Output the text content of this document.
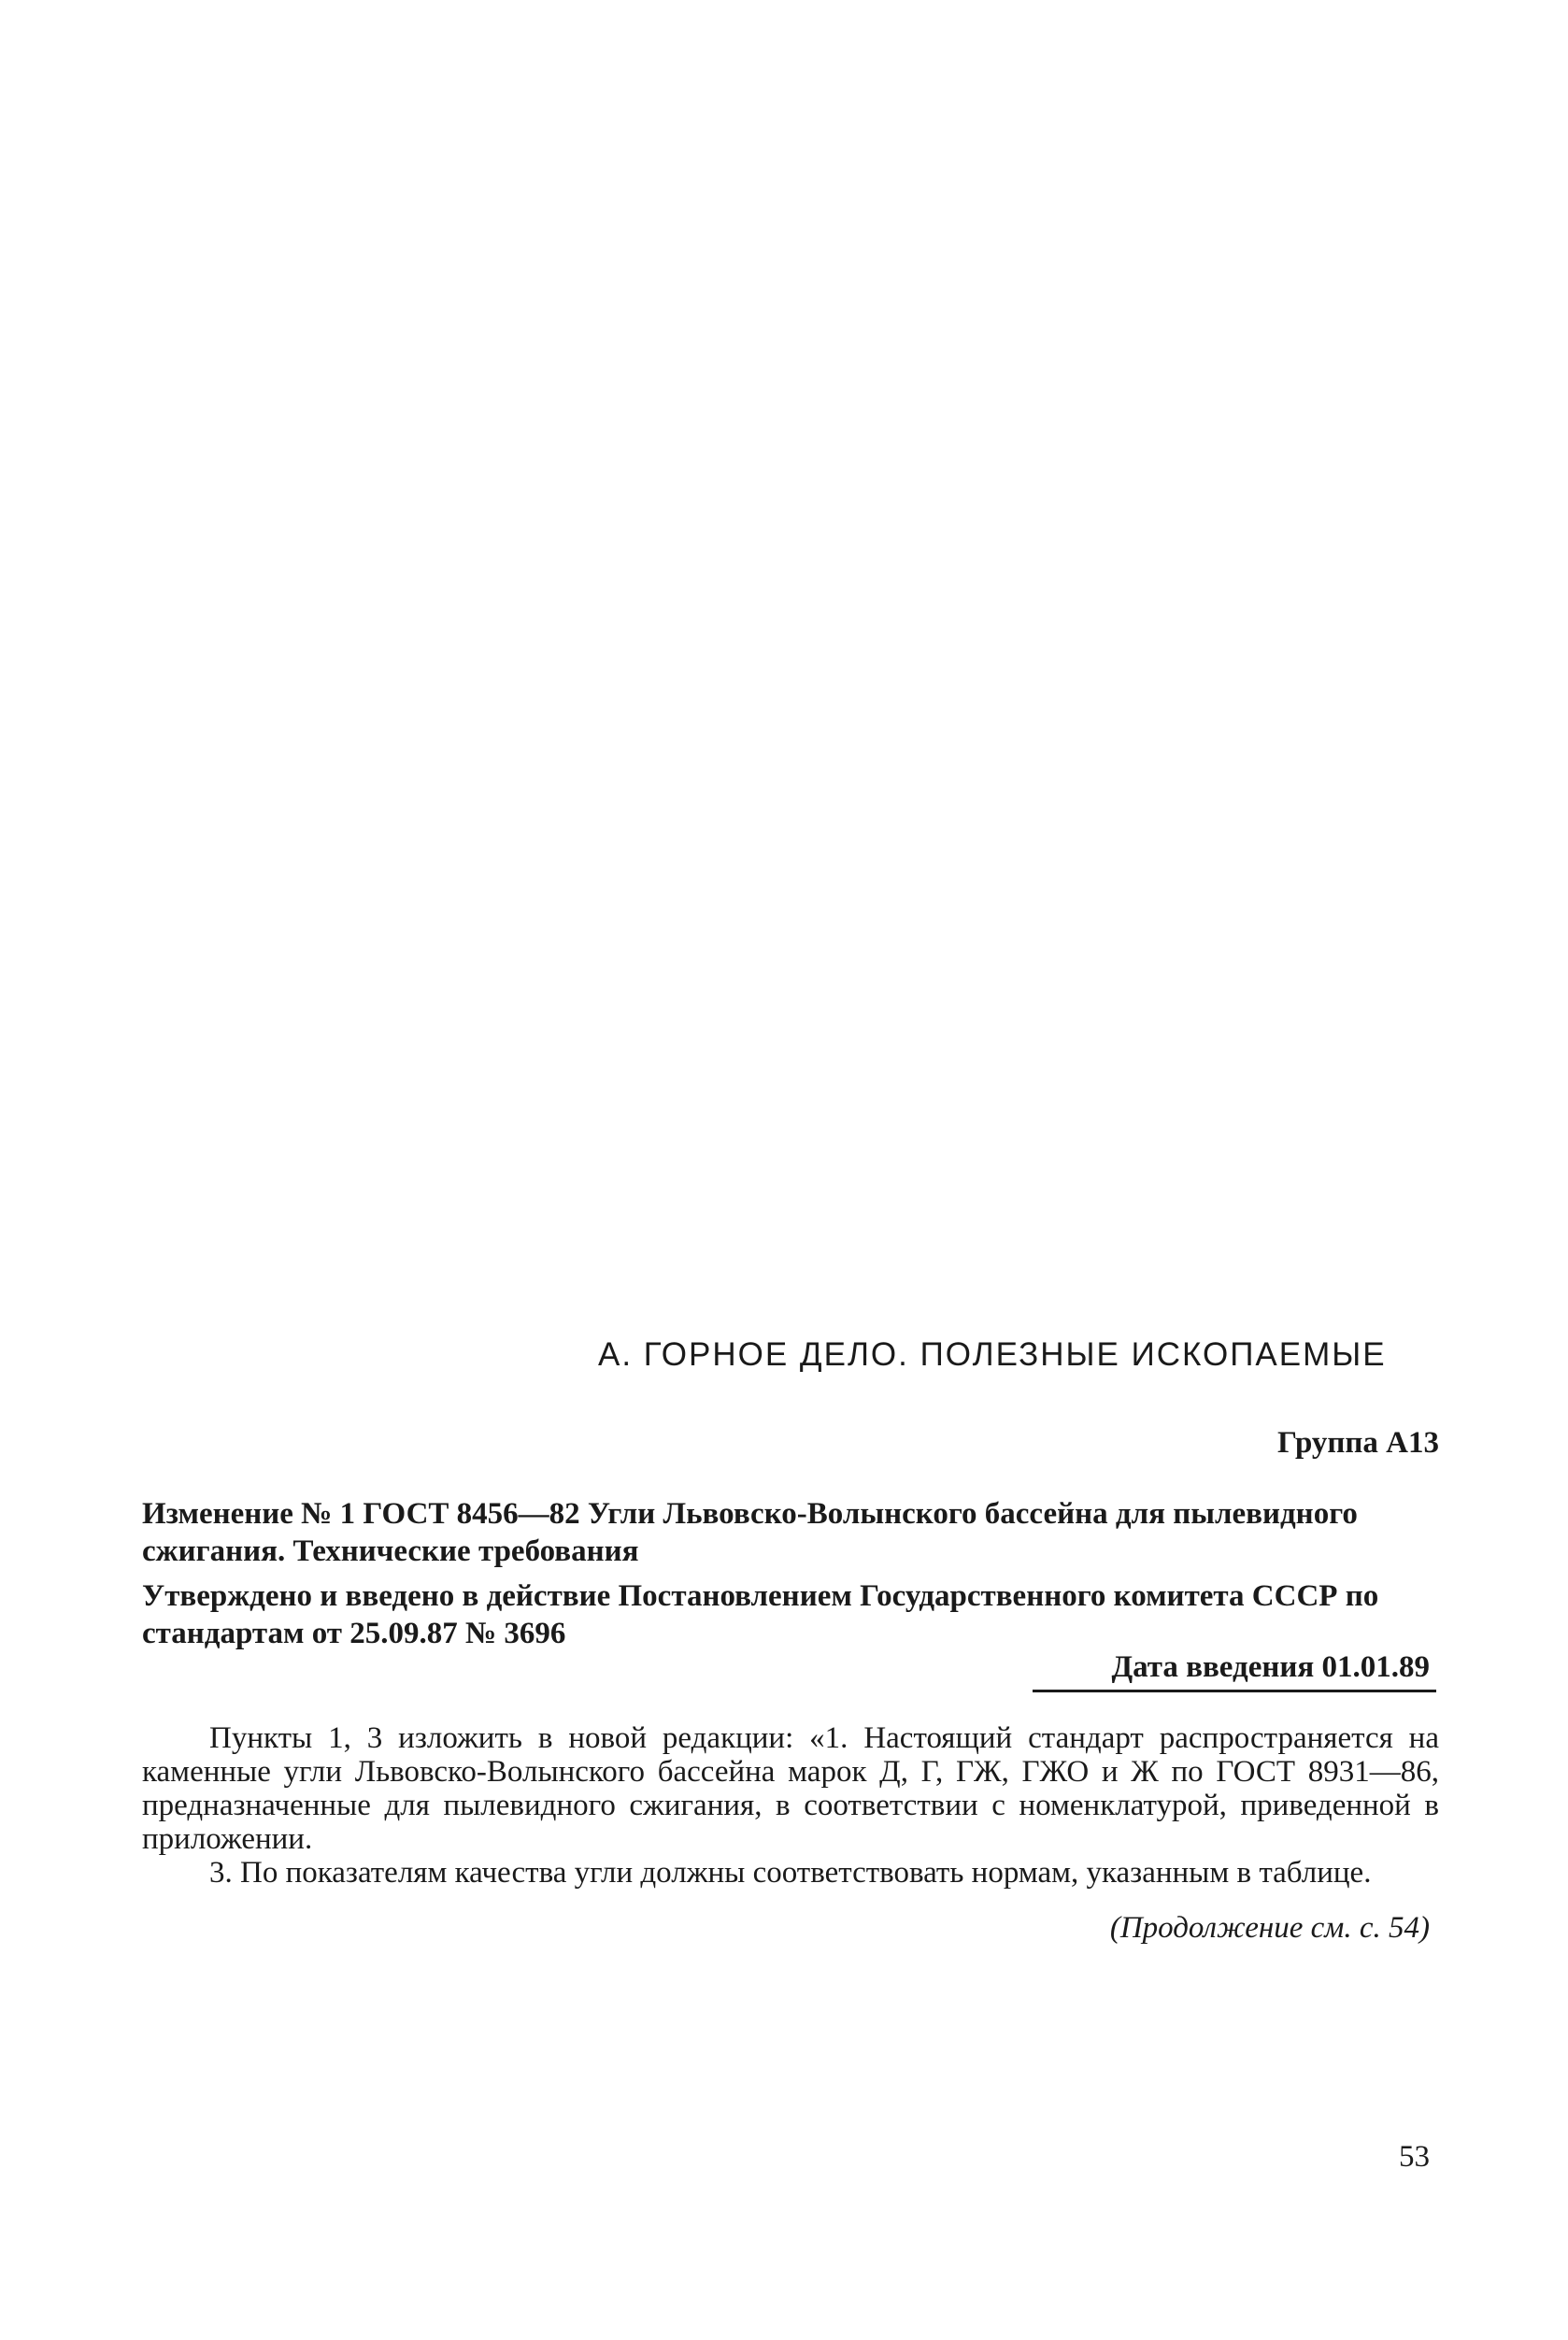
А. ГОРНОЕ ДЕЛО. ПОЛЕЗНЫЕ ИСКОПАЕМЫЕ
Группа А13
Изменение № 1 ГОСТ 8456—82 Угли Львовско-Волынского бассейна для пылевидного сжигания. Технические требования
Утверждено и введено в действие Постановлением Государственного комитета СССР по стандартам от 25.09.87 № 3696
Дата введения 01.01.89

Пункты 1, 3 изложить в новой редакции: «1. Настоящий стандарт распространяется на каменные угли Львовско-Волынского бассейна марок Д, Г, ГЖ, ГЖО и Ж по ГОСТ 8931—86, предназначенные для пылевидного сжигания, в соответствии с номенклатурой, приведенной в приложении.

3. По показателям качества угли должны соответствовать нормам, указанным в таблице.

(Продолжение см. с. 54)
53
